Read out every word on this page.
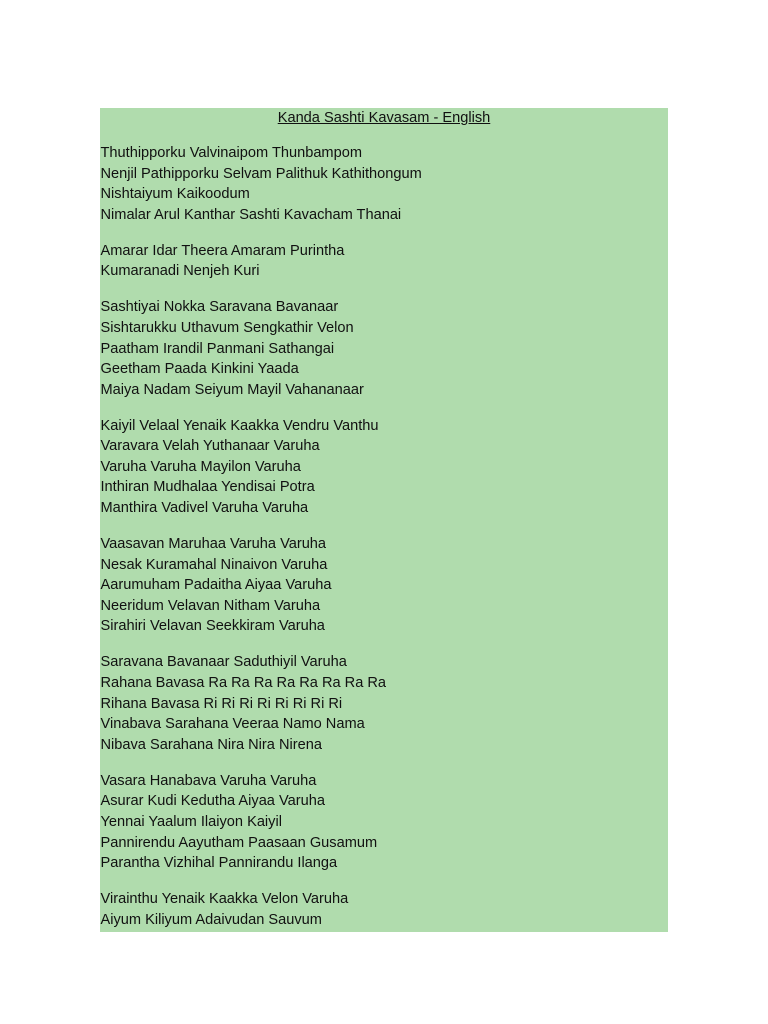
Kanda Sashti Kavasam - English
Thuthipporku Valvinaipom Thunbampom
Nenjil Pathipporku Selvam Palithuk Kathithongum
Nishtaiyum Kaikoodum
Nimalar Arul Kanthar Sashti Kavacham Thanai
Amarar Idar Theera Amaram Purintha
Kumaranadi Nenjeh Kuri
Sashtiyai Nokka Saravana Bavanaar
Sishtarukku Uthavum Sengkathir Velon
Paatham Irandil Panmani Sathangai
Geetham Paada Kinkini Yaada
Maiya Nadam Seiyum Mayil Vahananaar
Kaiyil Velaal Yenaik Kaakka Vendru Vanthu
Varavara Velah Yuthanaar Varuha
Varuha Varuha Mayilon Varuha
Inthiran Mudhalaa Yendisai Potra
Manthira Vadivel Varuha Varuha
Vaasavan Maruhaa Varuha Varuha
Nesak Kuramahal Ninaivon Varuha
Aarumuham Padaitha Aiyaa Varuha
Neeridum Velavan Nitham Varuha
Sirahiri Velavan Seekkiram Varuha
Saravana Bavanaar Saduthiyil Varuha
Rahana Bavasa Ra Ra Ra Ra Ra Ra Ra Ra
Rihana Bavasa Ri Ri Ri Ri Ri Ri Ri Ri
Vinabava Sarahana Veeraa Namo Nama
Nibava Sarahana Nira Nira Nirena
Vasara Hanabava Varuha Varuha
Asurar Kudi Kedutha Aiyaa Varuha
Yennai Yaalum Ilaiyon Kaiyil
Pannirendu Aayutham Paasaan Gusamum
Parantha Vizhihal Pannirandu Ilanga
Virainthu Yenaik Kaakka Velon Varuha
Aiyum Kiliyum Adaivudan Sauvum
